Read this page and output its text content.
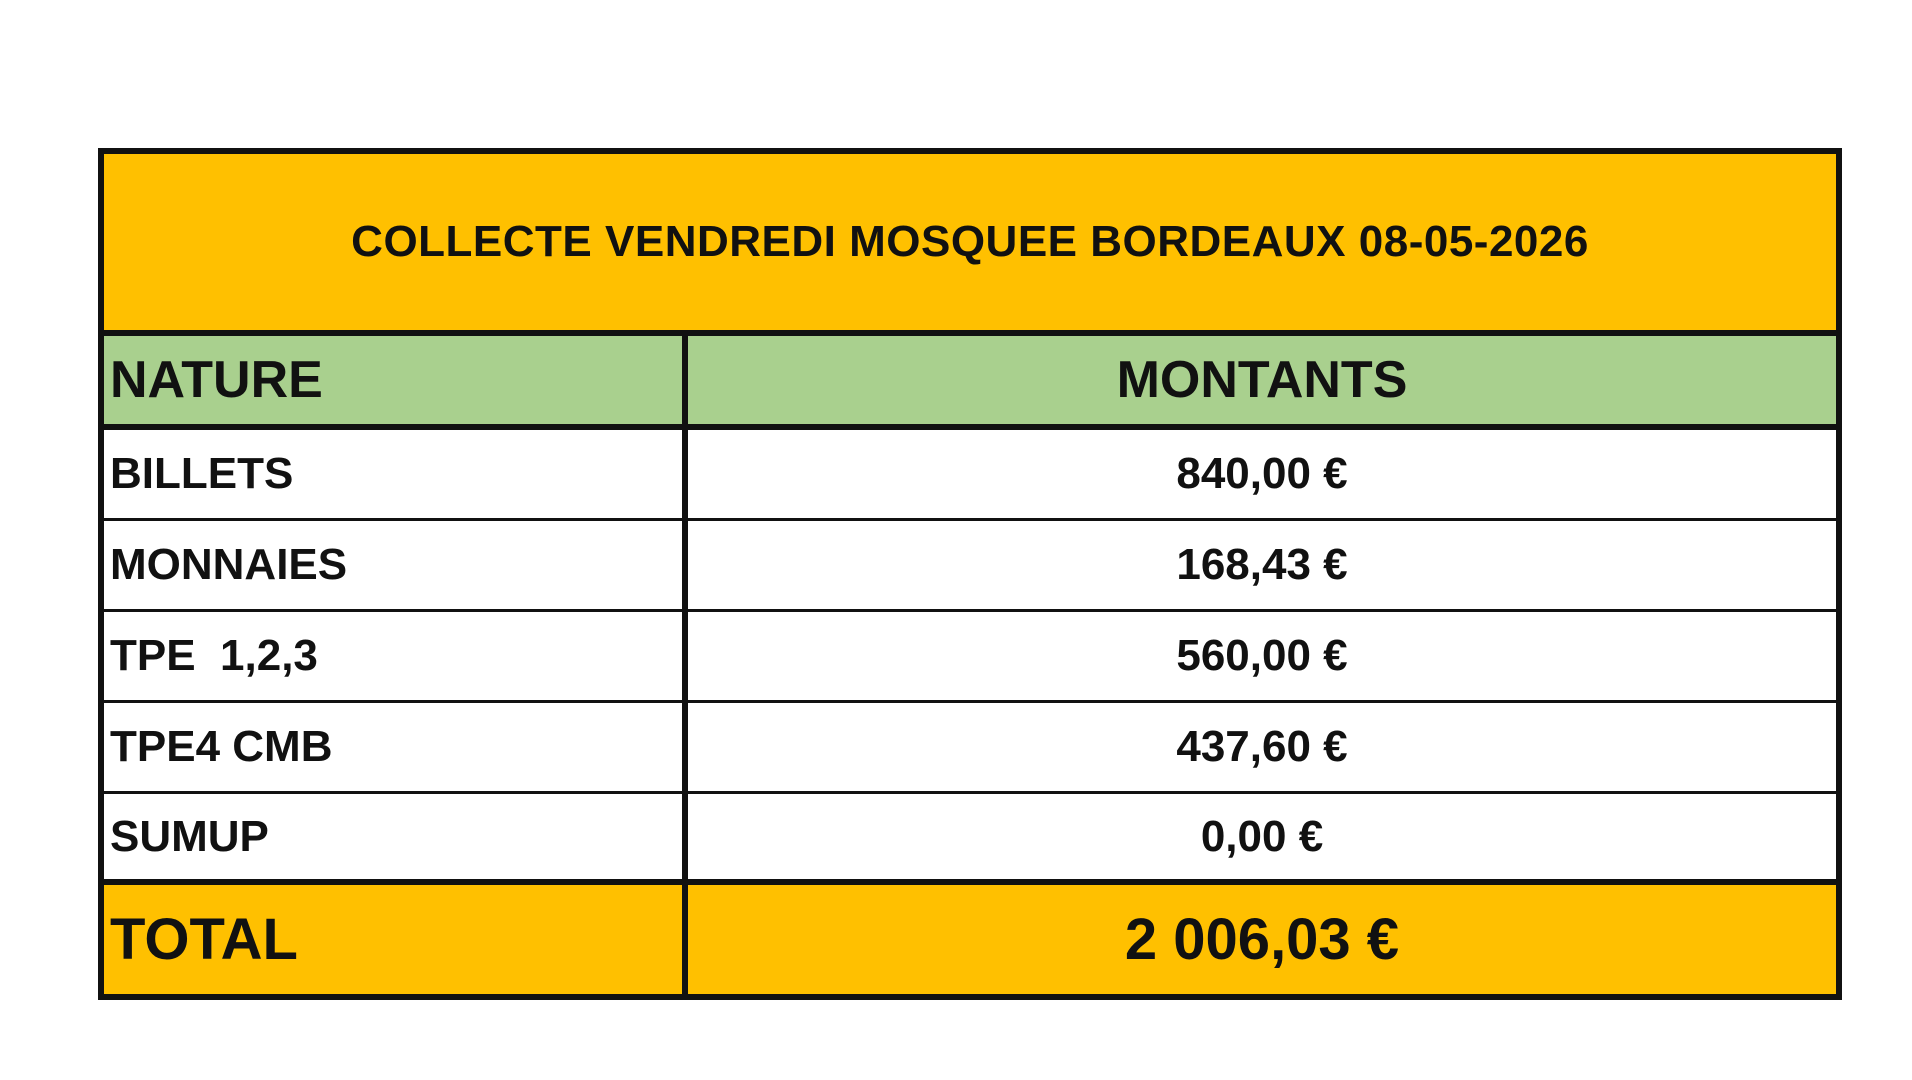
COLLECTE VENDREDI MOSQUEE BORDEAUX 08-05-2026
NATURE	MONTANTS
BILLETS	840,00 €
MONNAIES	168,43 €
TPE  1,2,3	560,00 €
TPE4 CMB	437,60 €
SUMUP	0,00 €
TOTAL	2 006,03 €
